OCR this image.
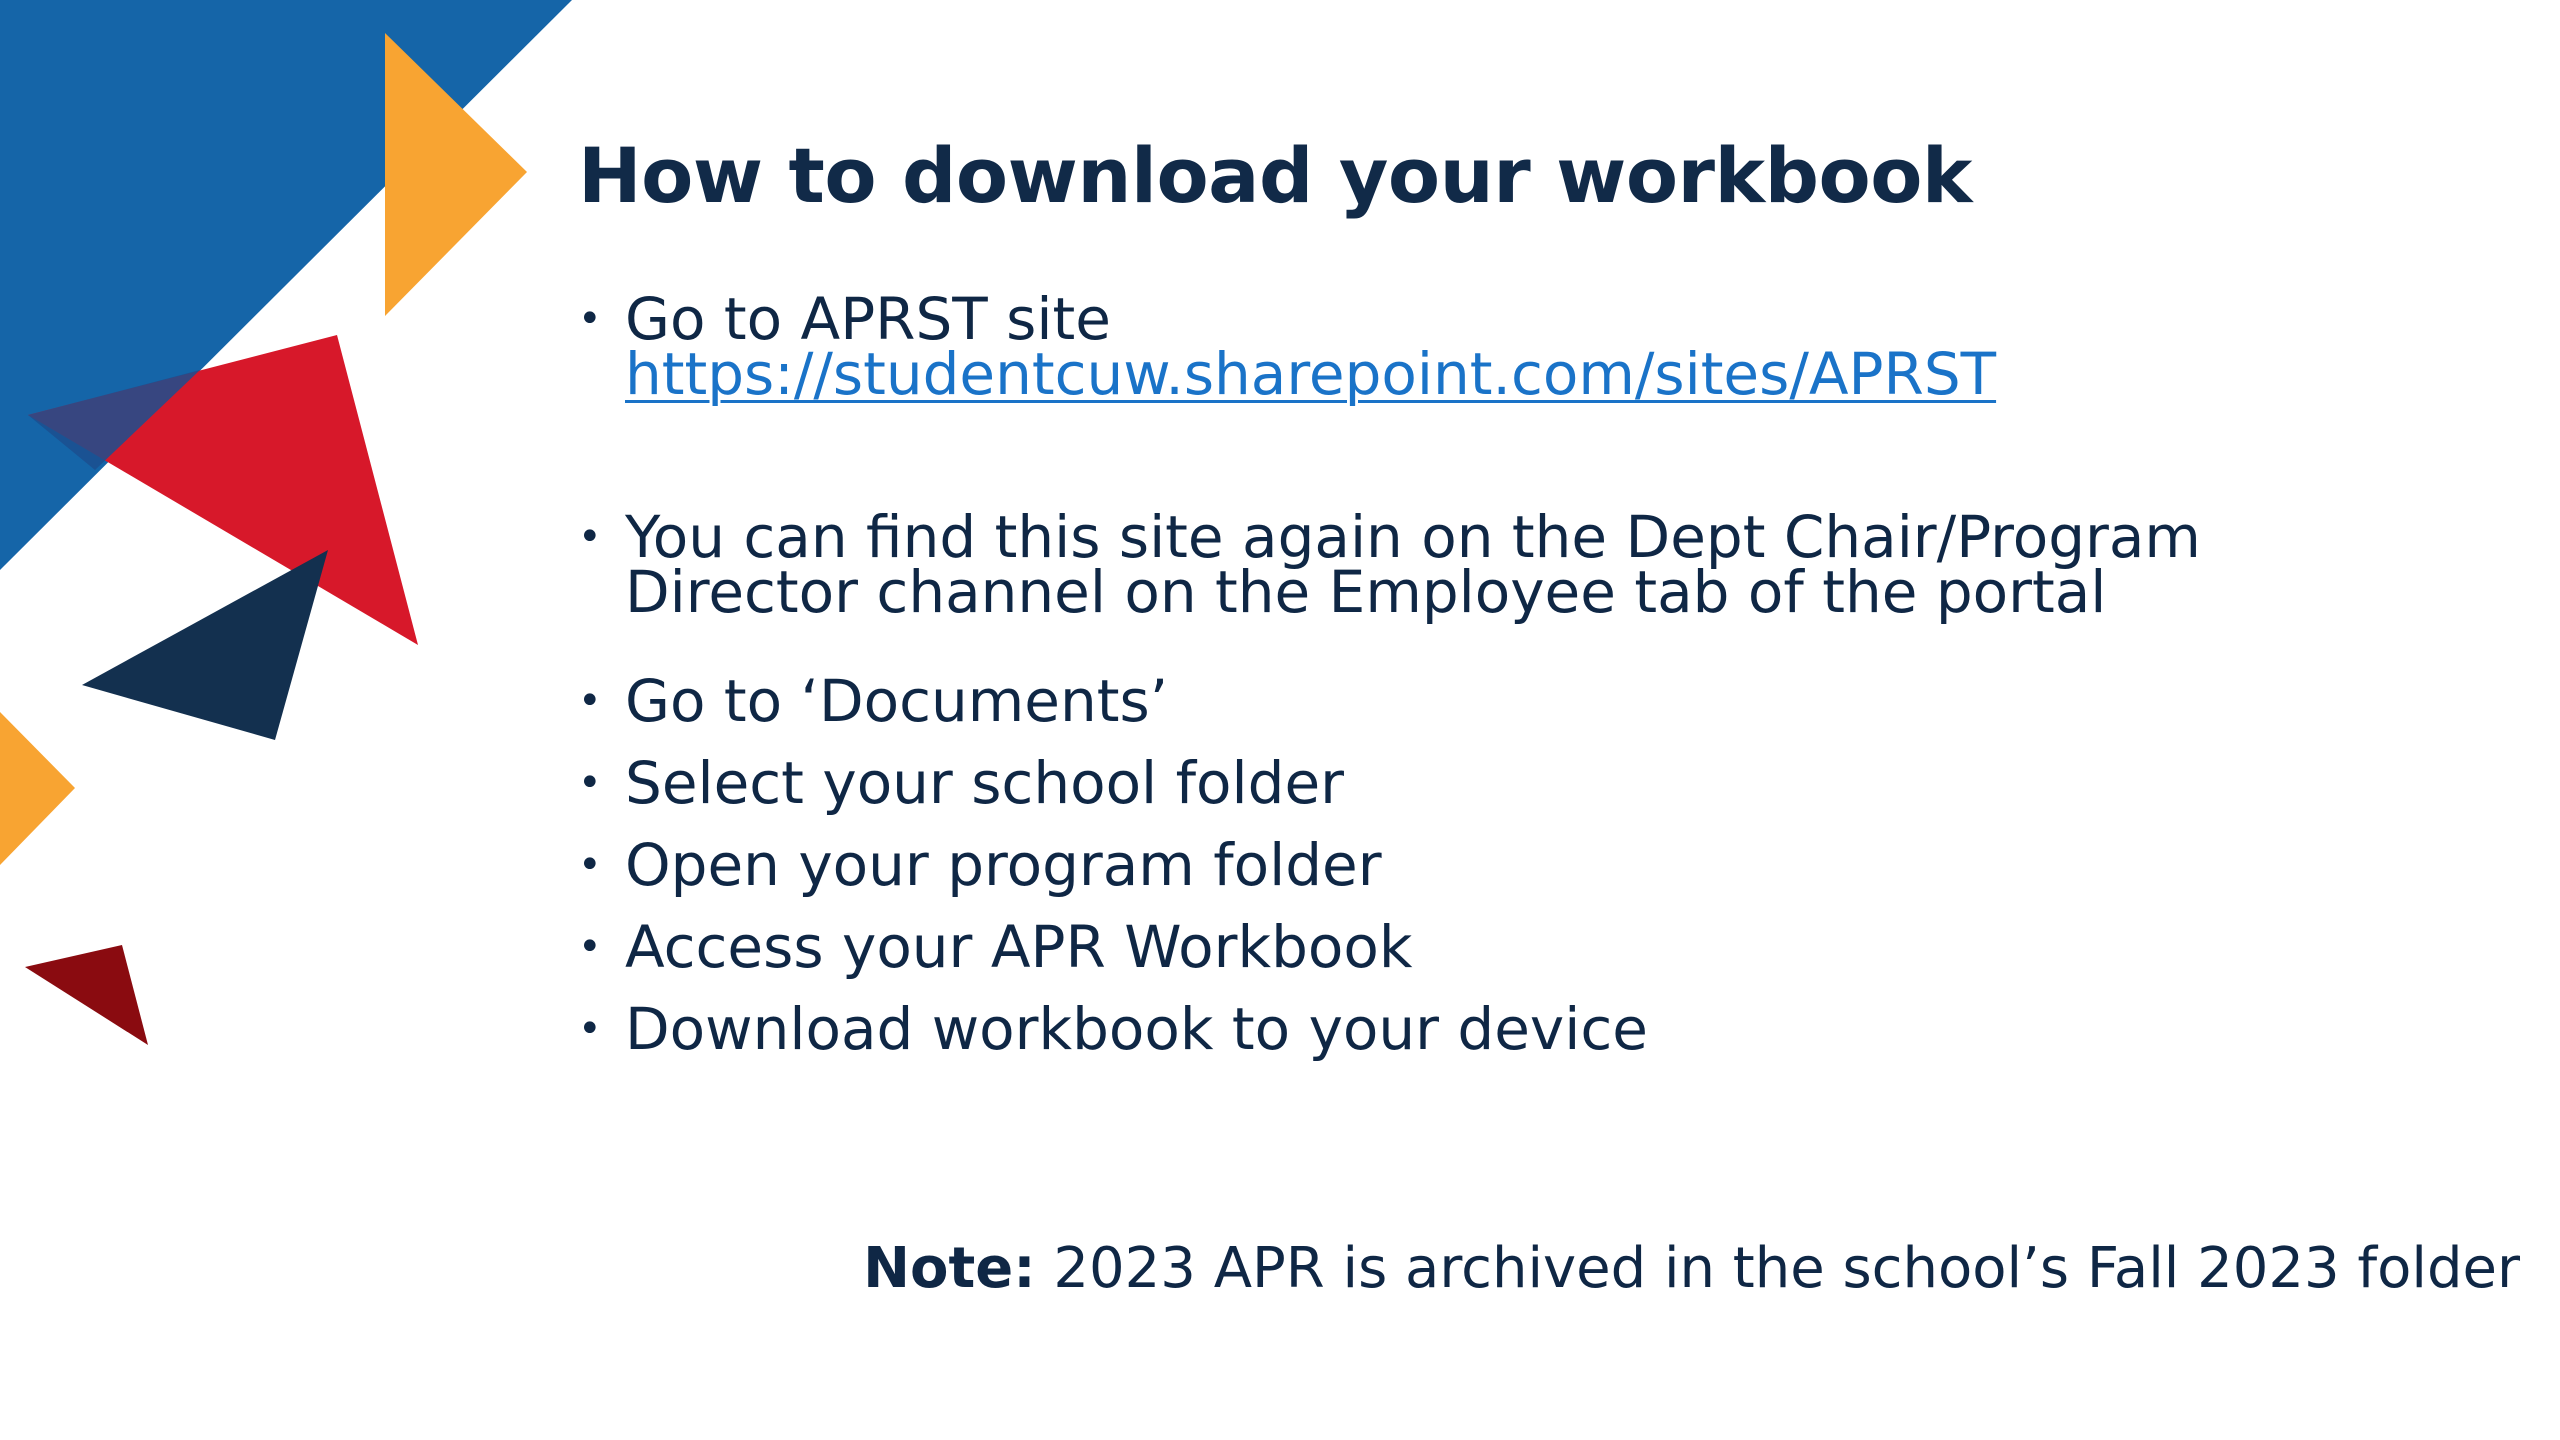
How to download your workbook
• Go to APRST site
https://studentcuw.sharepoint.com/sites/APRST
• You can find this site again on the Dept Chair/Program
Director channel on the Employee tab of the portal
• Go to ‘Documents’
• Select your school folder
• Open your program folder
• Access your APR Workbook
• Download workbook to your device
Note: 2023 APR is archived in the school’s Fall 2023 folder
